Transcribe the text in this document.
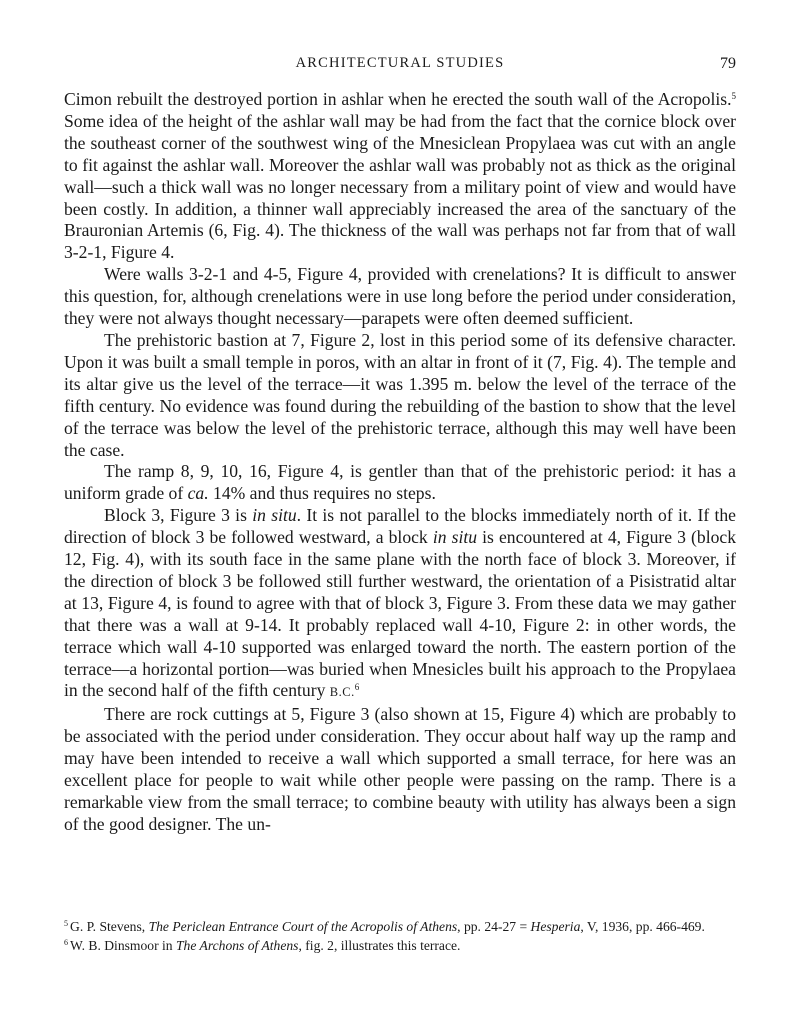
ARCHITECTURAL STUDIES	79

Cimon rebuilt the destroyed portion in ashlar when he erected the south wall of the Acropolis.$^5$ Some idea of the height of the ashlar wall may be had from the fact that the cornice block over the southeast corner of the southwest wing of the Mnesiclean Propylaea was cut with an angle to fit against the ashlar wall. Moreover the ashlar wall was probably not as thick as the original wall—such a thick wall was no longer necessary from a military point of view and would have been costly. In addition, a thinner wall appreciably increased the area of the sanctuary of the Brauronian Artemis (6, Fig. 4). The thickness of the wall was perhaps not far from that of wall 3-2-1, Figure 4.

Were walls 3-2-1 and 4-5, Figure 4, provided with crenelations? It is difficult to answer this question, for, although crenelations were in use long before the period under consideration, they were not always thought necessary—parapets were often deemed sufficient.

The prehistoric bastion at 7, Figure 2, lost in this period some of its defensive character. Upon it was built a small temple in poros, with an altar in front of it (7, Fig. 4). The temple and its altar give us the level of the terrace—it was 1.395 m. below the level of the terrace of the fifth century. No evidence was found during the rebuilding of the bastion to show that the level of the terrace was below the level of the prehistoric terrace, although this may well have been the case.

The ramp 8, 9, 10, 16, Figure 4, is gentler than that of the prehistoric period: it has a uniform grade of ca. 14% and thus requires no steps.

Block 3, Figure 3 is in situ. It is not parallel to the blocks immediately north of it. If the direction of block 3 be followed westward, a block in situ is encountered at 4, Figure 3 (block 12, Fig. 4), with its south face in the same plane with the north face of block 3. Moreover, if the direction of block 3 be followed still further westward, the orientation of a Pisistratid altar at 13, Figure 4, is found to agree with that of block 3, Figure 3. From these data we may gather that there was a wall at 9-14. It probably replaced wall 4-10, Figure 2: in other words, the terrace which wall 4-10 supported was enlarged toward the north. The eastern portion of the terrace—a horizontal portion—was buried when Mnesicles built his approach to the Propylaea in the second half of the fifth century B.C.$^6$

There are rock cuttings at 5, Figure 3 (also shown at 15, Figure 4) which are probably to be associated with the period under consideration. They occur about half way up the ramp and may have been intended to receive a wall which supported a small terrace, for here was an excellent place for people to wait while other people were passing on the ramp. There is a remarkable view from the small terrace; to combine beauty with utility has always been a sign of the good designer. The un-

$^5$ G. P. Stevens, The Periclean Entrance Court of the Acropolis of Athens, pp. 24-27 = Hesperia, V, 1936, pp. 466-469.

$^6$ W. B. Dinsmoor in The Archons of Athens, fig. 2, illustrates this terrace.
